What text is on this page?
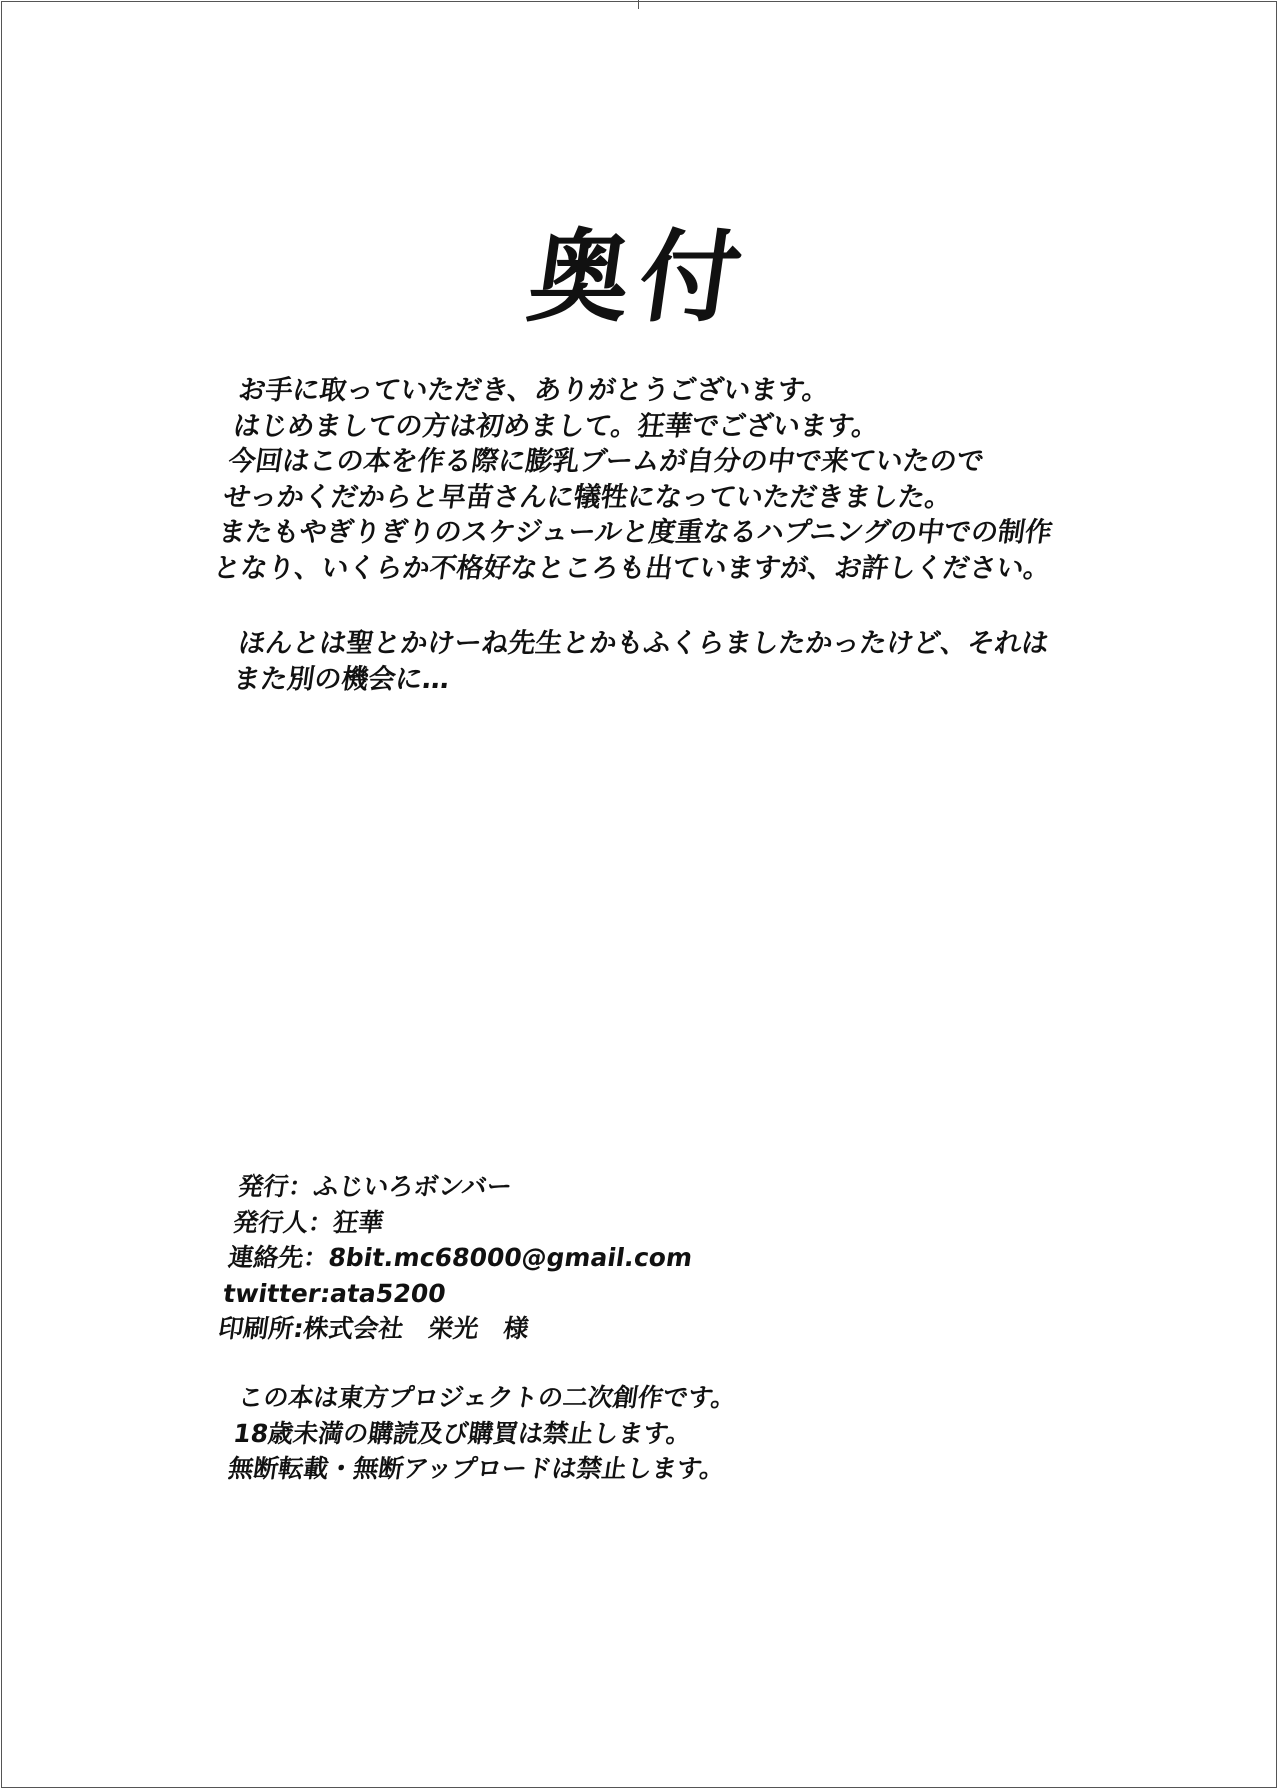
奥付
お手に取っていただき、ありがとうございます。
はじめましての方は初めまして。狂華でございます。
今回はこの本を作る際に膨乳ブームが自分の中で来ていたので
せっかくだからと早苗さんに犠牲になっていただきました。
またもやぎりぎりのスケジュールと度重なるハプニングの中での制作
となり、いくらか不格好なところも出ていますが、お許しください。
ほんとは聖とかけーね先生とかもふくらましたかったけど、それは
また別の機会に…
発行：ふじいろボンバー
発行人：狂華
連絡先：8bit.mc68000@gmail.com
twitter:ata5200
印刷所:株式会社　栄光　様
この本は東方プロジェクトの二次創作です。
18歳未満の購読及び購買は禁止します。
無断転載・無断アップロードは禁止します。
